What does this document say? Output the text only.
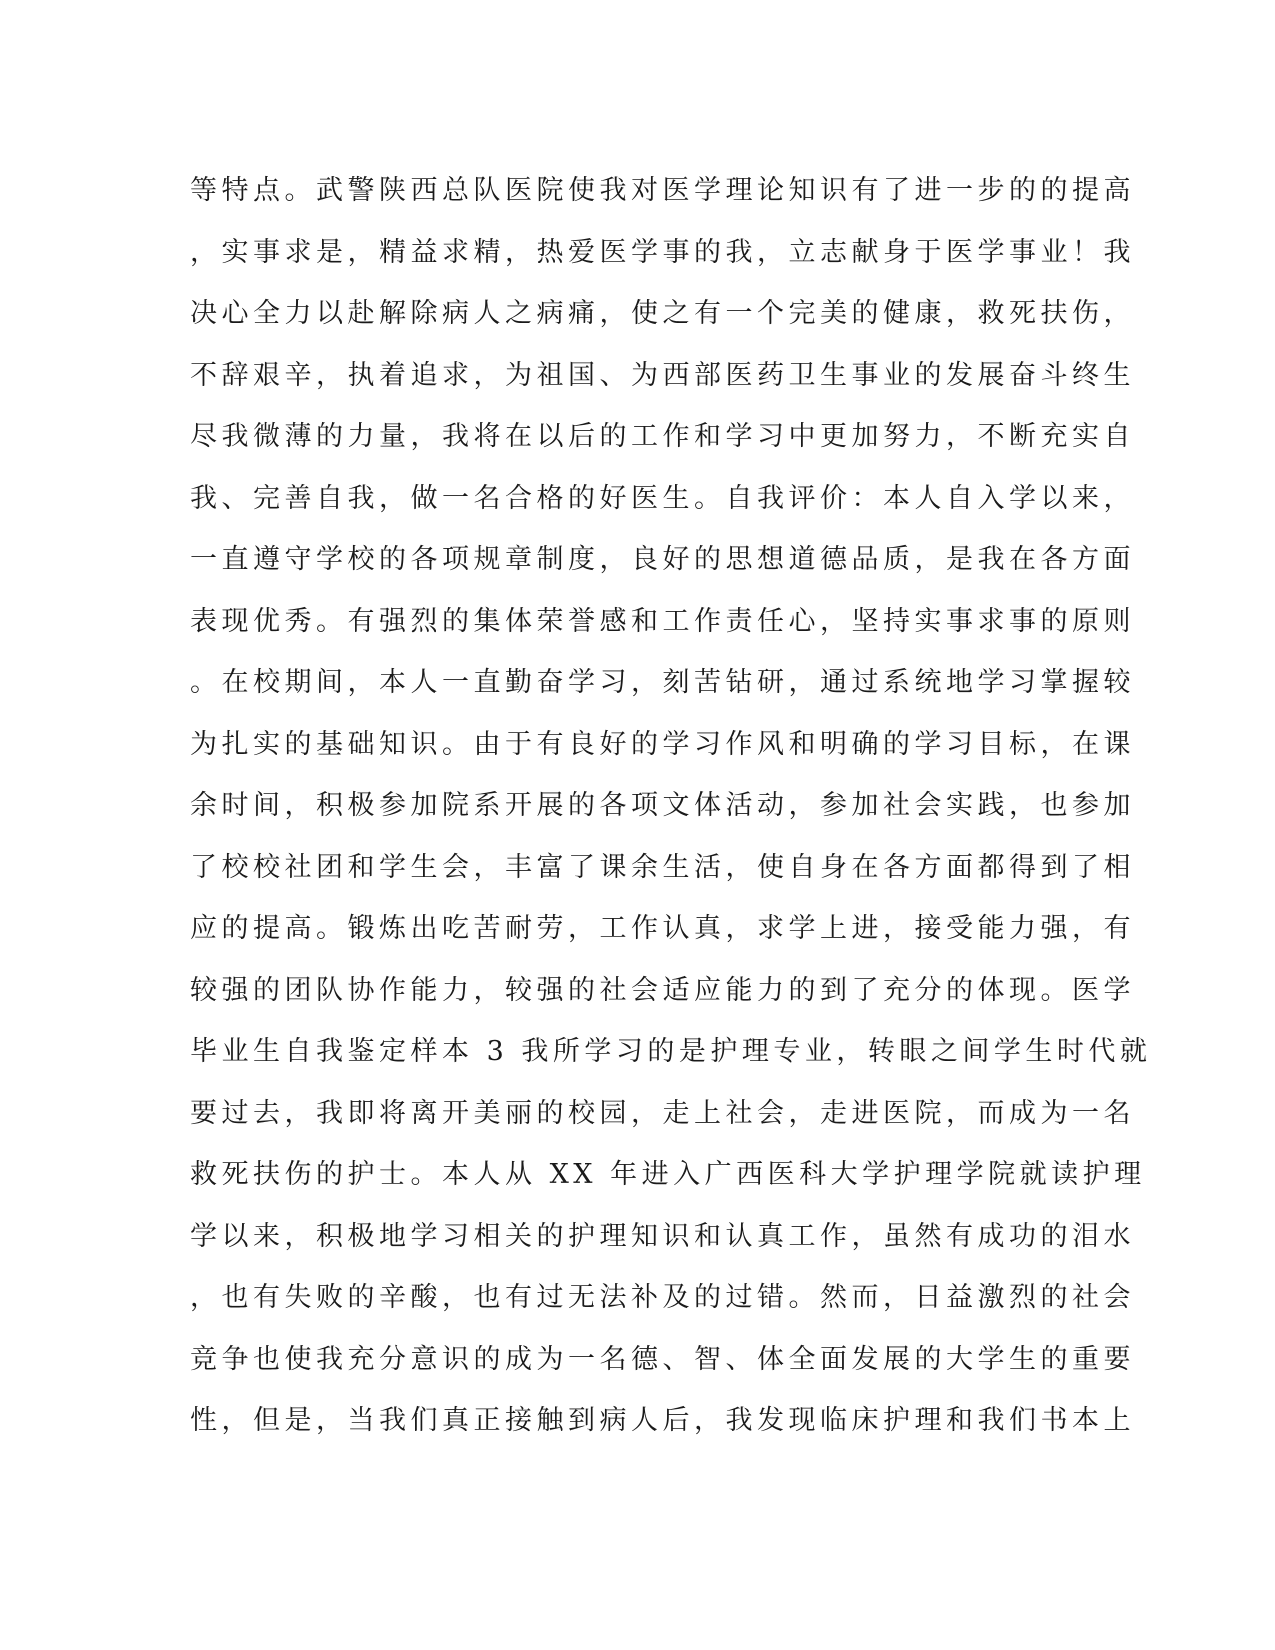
等特点。武警陕西总队医院使我对医学理论知识有了进一步的的提高
，实事求是，精益求精，热爱医学事的我，立志献身于医学事业！我
决心全力以赴解除病人之病痛，使之有一个完美的健康，救死扶伤，
不辞艰辛，执着追求，为祖国、为西部医药卫生事业的发展奋斗终生
尽我微薄的力量，我将在以后的工作和学习中更加努力，不断充实自
我、完善自我，做一名合格的好医生。自我评价：本人自入学以来，
一直遵守学校的各项规章制度，良好的思想道德品质，是我在各方面
表现优秀。有强烈的集体荣誉感和工作责任心，坚持实事求事的原则
。在校期间，本人一直勤奋学习，刻苦钻研，通过系统地学习掌握较
为扎实的基础知识。由于有良好的学习作风和明确的学习目标，在课
余时间，积极参加院系开展的各项文体活动，参加社会实践，也参加
了校校社团和学生会，丰富了课余生活，使自身在各方面都得到了相
应的提高。锻炼出吃苦耐劳，工作认真，求学上进，接受能力强，有
较强的团队协作能力，较强的社会适应能力的到了充分的体现。医学
毕业生自我鉴定样本 3 我所学习的是护理专业，转眼之间学生时代就
要过去，我即将离开美丽的校园，走上社会，走进医院，而成为一名
救死扶伤的护士。本人从 XX 年进入广西医科大学护理学院就读护理
学以来，积极地学习相关的护理知识和认真工作，虽然有成功的泪水
，也有失败的辛酸，也有过无法补及的过错。然而，日益激烈的社会
竞争也使我充分意识的成为一名德、智、体全面发展的大学生的重要
性，但是，当我们真正接触到病人后，我发现临床护理和我们书本上
